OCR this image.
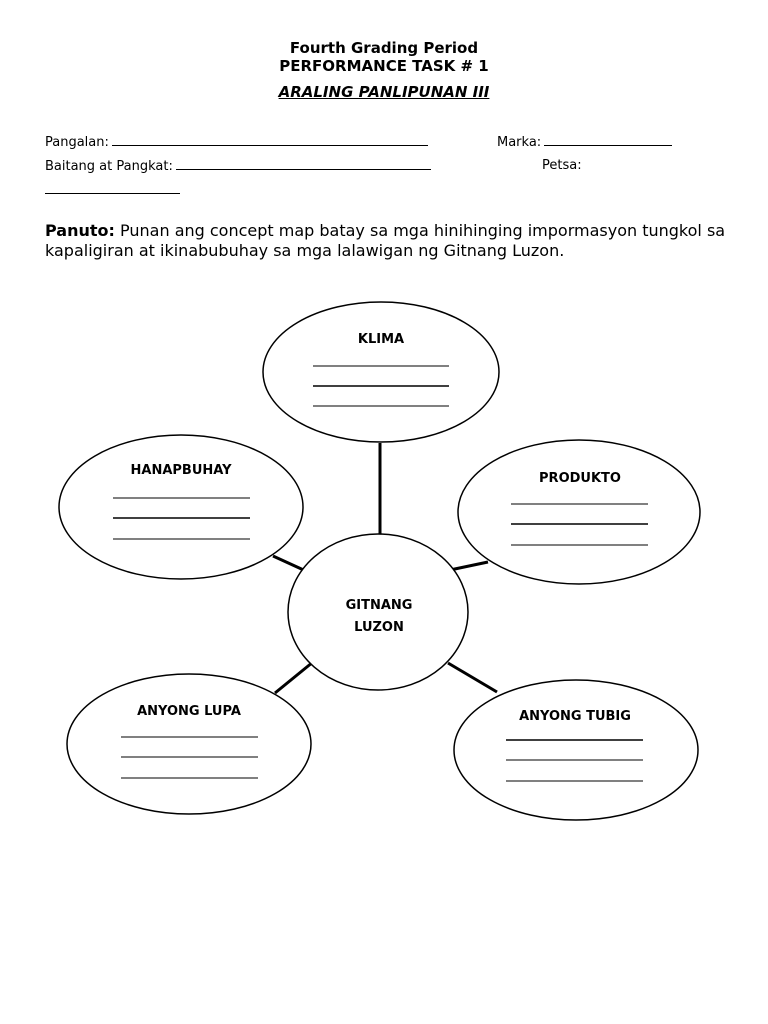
Fourth Grading Period
PERFORMANCE TASK # 1
ARALING PANLIPUNAN III
Pangalan:	Marka:
Baitang at Pangkat:	Petsa:
Panuto: Punan ang concept map batay sa mga hinihinging impormasyon tungkol sa kapaligiran at ikinabubuhay sa mga lalawigan ng Gitnang Luzon.
KLIMA
HANAPBUHAY
PRODUKTO
GITNANG
LUZON
ANYONG LUPA	ANYONG TUBIG
